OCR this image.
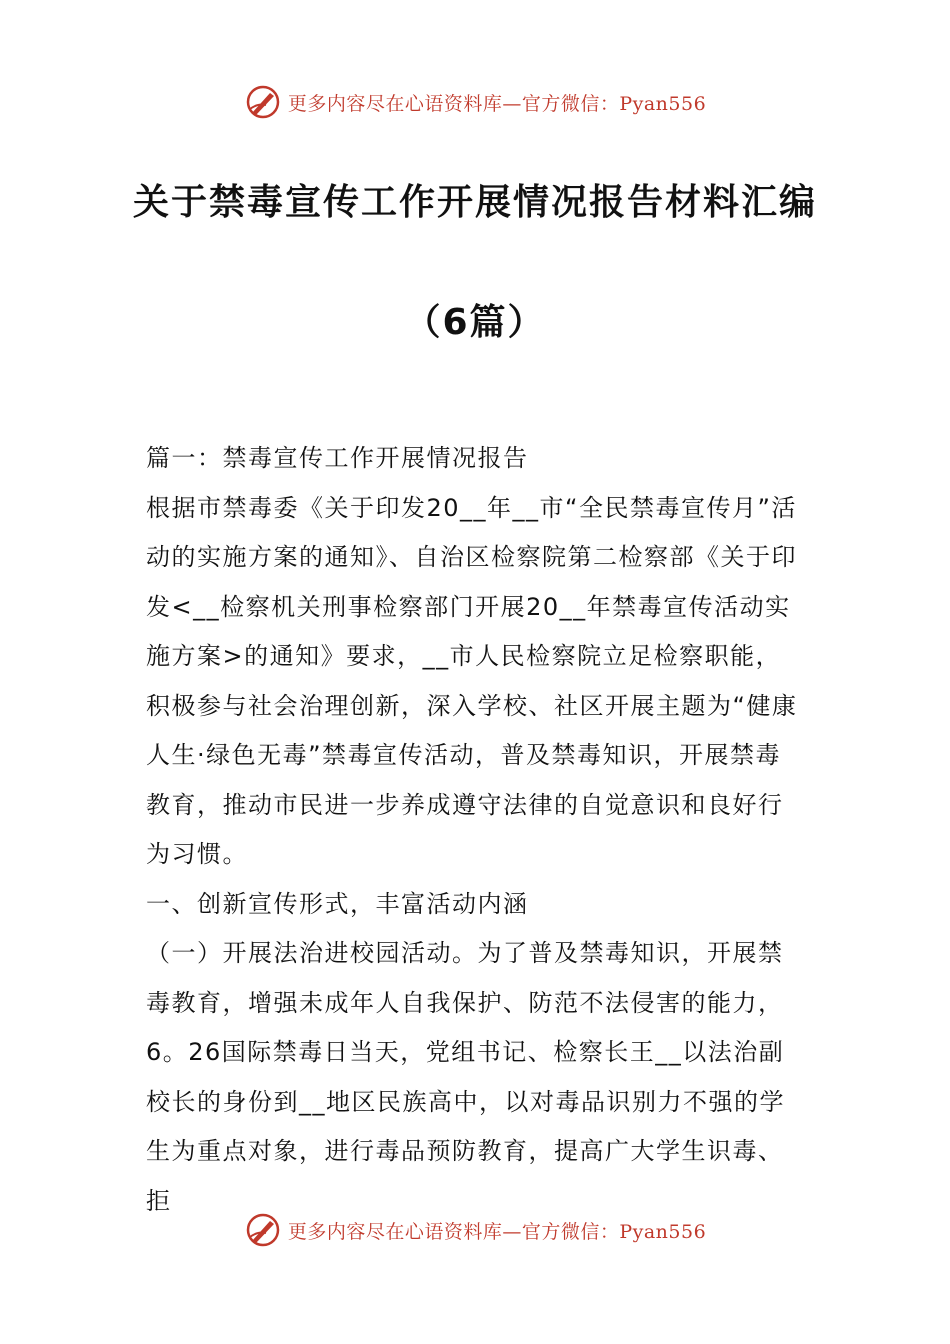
更多内容尽在心语资料库—官方微信：Pyan556
关于禁毒宣传工作开展情况报告材料汇编
（6篇）

篇一：禁毒宣传工作开展情况报告

根据市禁毒委《关于印发20__年__市“全民禁毒宣传月”活动的实施方案的通知》、自治区检察院第二检察部《关于印发<__检察机关刑事检察部门开展20__年禁毒宣传活动实施方案>的通知》要求，__市人民检察院立足检察职能，积极参与社会治理创新，深入学校、社区开展主题为“健康人生·绿色无毒”禁毒宣传活动，普及禁毒知识，开展禁毒教育，推动市民进一步养成遵守法律的自觉意识和良好行为习惯。

一、创新宣传形式，丰富活动内涵

（一）开展法治进校园活动。为了普及禁毒知识，开展禁毒教育，增强未成年人自我保护、防范不法侵害的能力，6。26国际禁毒日当天，党组书记、检察长王__以法治副校长的身份到__地区民族高中，以对毒品识别力不强的学生为重点对象，进行毒品预防教育，提高广大学生识毒、拒

更多内容尽在心语资料库—官方微信：Pyan556
